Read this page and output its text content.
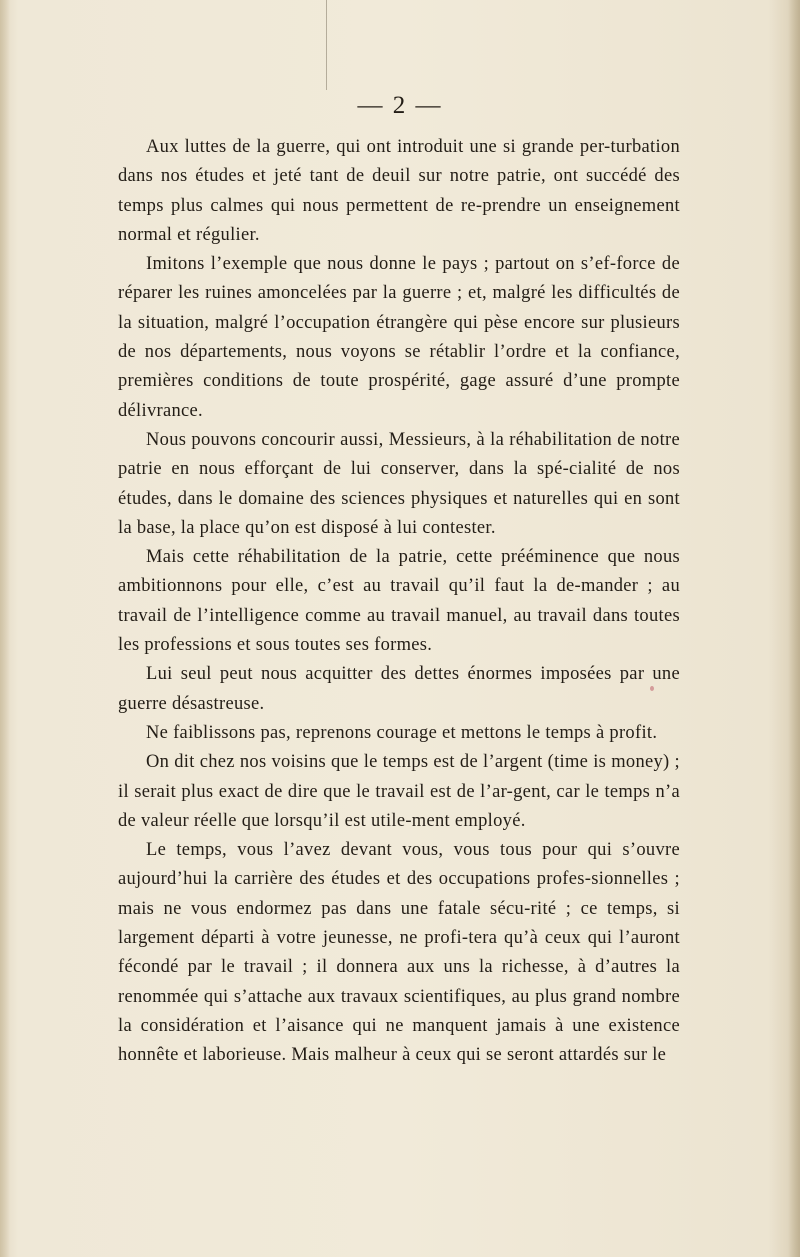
— 2 —

Aux luttes de la guerre, qui ont introduit une si grande per-turbation dans nos études et jeté tant de deuil sur notre patrie, ont succédé des temps plus calmes qui nous permettent de re-prendre un enseignement normal et régulier.

Imitons l’exemple que nous donne le pays ; partout on s’ef-force de réparer les ruines amoncelées par la guerre ; et, malgré les difficultés de la situation, malgré l’occupation étrangère qui pèse encore sur plusieurs de nos départements, nous voyons se rétablir l’ordre et la confiance, premières conditions de toute prospérité, gage assuré d’une prompte délivrance.

Nous pouvons concourir aussi, Messieurs, à la réhabilitation de notre patrie en nous efforçant de lui conserver, dans la spé-cialité de nos études, dans le domaine des sciences physiques et naturelles qui en sont la base, la place qu’on est disposé à lui contester.

Mais cette réhabilitation de la patrie, cette prééminence que nous ambitionnons pour elle, c’est au travail qu’il faut la de-mander ; au travail de l’intelligence comme au travail manuel, au travail dans toutes les professions et sous toutes ses formes.

Lui seul peut nous acquitter des dettes énormes imposées par une guerre désastreuse.

Ne faiblissons pas, reprenons courage et mettons le temps à profit.

On dit chez nos voisins que le temps est de l’argent (time is money) ; il serait plus exact de dire que le travail est de l’ar-gent, car le temps n’a de valeur réelle que lorsqu’il est utile-ment employé.

Le temps, vous l’avez devant vous, vous tous pour qui s’ouvre aujourd’hui la carrière des études et des occupations profes-sionnelles ; mais ne vous endormez pas dans une fatale sécu-rité ; ce temps, si largement départi à votre jeunesse, ne profi-tera qu’à ceux qui l’auront fécondé par le travail ; il donnera aux uns la richesse, à d’autres la renommée qui s’attache aux travaux scientifiques, au plus grand nombre la considération et l’aisance qui ne manquent jamais à une existence honnête et laborieuse. Mais malheur à ceux qui se seront attardés sur le
